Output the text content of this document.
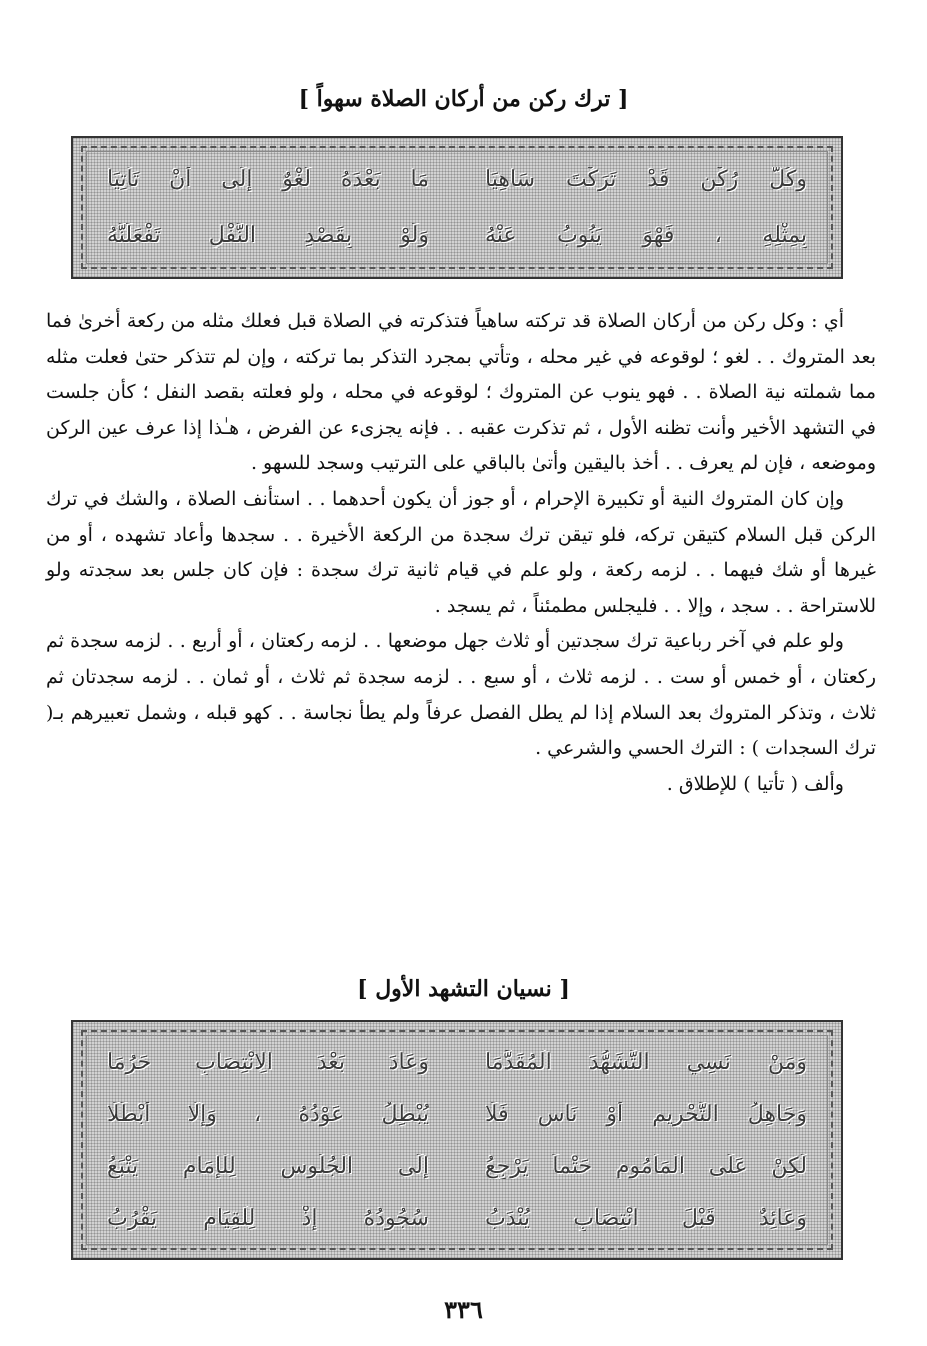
[ ترك ركن من أركان الصلاة سهواً ]
وكُلُّ رُكْنٍ قَدْ تَرَكْتَ سَاهِيَا
مَا بَعْدَهُ لَغْوٌ إِلَى أَنْ تَأْتِيَا
بِمِثْلِهِ ، فَهْوَ يَنُوبُ عَنْهُ
وَلَوْ بِقَصْدِ النَّفْلِ تَفْعَلَنَّهُ

أي : وكل ركن من أركان الصلاة قد تركته ساهياً فتذكرته في الصلاة قبل فعلك مثله من ركعة أخرىٰ فما بعد المتروك . . لغو ؛ لوقوعه في غير محله ، وتأتي بمجرد التذكر بما تركته ، وإن لم تتذكر حتىٰ فعلت مثله مما شملته نية الصلاة . . فهو ينوب عن المتروك ؛ لوقوعه في محله ، ولو فعلته بقصد النفل ؛ كأن جلست في التشهد الأخير وأنت تظنه الأول ، ثم تذكرت عقبه . . فإنه يجزىء عن الفرض ، هـٰذا إذا عرف عين الركن وموضعه ، فإن لم يعرف . . أخذ باليقين وأتىٰ بالباقي على الترتيب وسجد للسهو .

وإن كان المتروك النية أو تكبيرة الإحرام ، أو جوز أن يكون أحدهما . . استأنف الصلاة ، والشك في ترك الركن قبل السلام كتيقن تركه، فلو تيقن ترك سجدة من الركعة الأخيرة . . سجدها وأعاد تشهده ، أو من غيرها أو شك فيهما . . لزمه ركعة ، ولو علم في قيام ثانية ترك سجدة : فإن كان جلس بعد سجدته ولو للاستراحة . . سجد ، وإلا . . فليجلس مطمئناً ، ثم يسجد .

ولو علم في آخر رباعية ترك سجدتين أو ثلاث جهل موضعها . . لزمه ركعتان ، أو أربع . . لزمه سجدة ثم ركعتان ، أو خمس أو ست . . لزمه ثلاث ، أو سبع . . لزمه سجدة ثم ثلاث ، أو ثمان . . لزمه سجدتان ثم ثلاث ، وتذكر المتروك بعد السلام إذا لم يطل الفصل عرفاً ولم يطأ نجاسة . . كهو قبله ، وشمل تعبيرهم بـ( ترك السجدات ) : الترك الحسي والشرعي .

وألف ( تأتيا ) للإطلاق .

[ نسيان التشهد الأول ]
وَمَنْ نَسِي التَّشَهُّدَ الْمُقَدَّمَا
وَعَادَ بَعْدَ الِانْتِصَابِ حَرُمَا
وَجَاهِلُ التَّحْرِيمِ أَوْ نَاسٍ فَلَا
يُبْطِلُ عَوْدُهُ ، وَإِلَّا أَبْطَلَا
لَكِنْ عَلَى الْمَأْمُومِ حَتْماً يَرْجِعُ
إِلَى الْجُلُوسِ لِلْإِمَامِ يَتْبَعُ
وَعَائِدٌ قَبْلَ انْتِصَابٍ يُنْدَبُ
سُجُودُهُ إِذْ لِلْقِيَامِ يَقْرُبُ
٣٣٦
